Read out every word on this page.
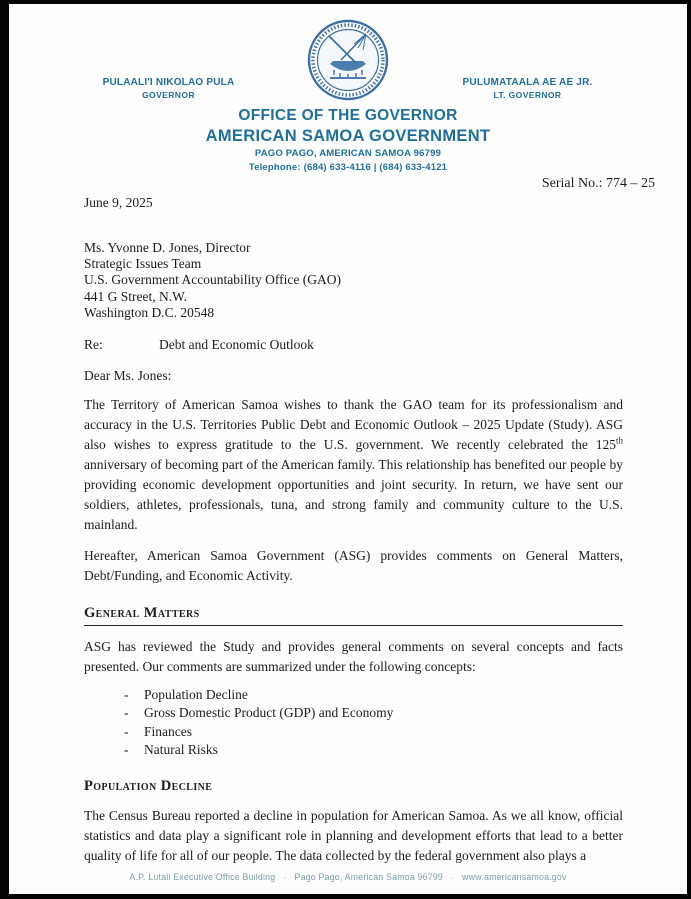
PULAALI'I NIKOLAO PULA
GOVERNOR
PULUMATAALA AE AE JR.
LT. GOVERNOR
OFFICE OF THE GOVERNOR
AMERICAN SAMOA GOVERNMENT
PAGO PAGO, AMERICAN SAMOA 96799
Telephone: (684) 633-4116 | (684) 633-4121
Serial No.: 774 – 25
June 9, 2025
Ms. Yvonne D. Jones, Director
Strategic Issues Team
U.S. Government Accountability Office (GAO)
441 G Street, N.W.
Washington D.C. 20548
Re:	Debt and Economic Outlook
Dear Ms. Jones:
The Territory of American Samoa wishes to thank the GAO team for its professionalism and accuracy in the U.S. Territories Public Debt and Economic Outlook – 2025 Update (Study). ASG also wishes to express gratitude to the U.S. government. We recently celebrated the 125th anniversary of becoming part of the American family. This relationship has benefited our people by providing economic development opportunities and joint security. In return, we have sent our soldiers, athletes, professionals, tuna, and strong family and community culture to the U.S. mainland.
Hereafter, American Samoa Government (ASG) provides comments on General Matters, Debt/Funding, and Economic Activity.
General Matters
ASG has reviewed the Study and provides general comments on several concepts and facts presented. Our comments are summarized under the following concepts:
-	Population Decline
-	Gross Domestic Product (GDP) and Economy
-	Finances
-	Natural Risks
Population Decline
The Census Bureau reported a decline in population for American Samoa. As we all know, official statistics and data play a significant role in planning and development efforts that lead to a better quality of life for all of our people. The data collected by the federal government also plays a
A.P. Lutali Executive Office Building · Pago Pago, American Samoa 96799 · www.americansamoa.gov
